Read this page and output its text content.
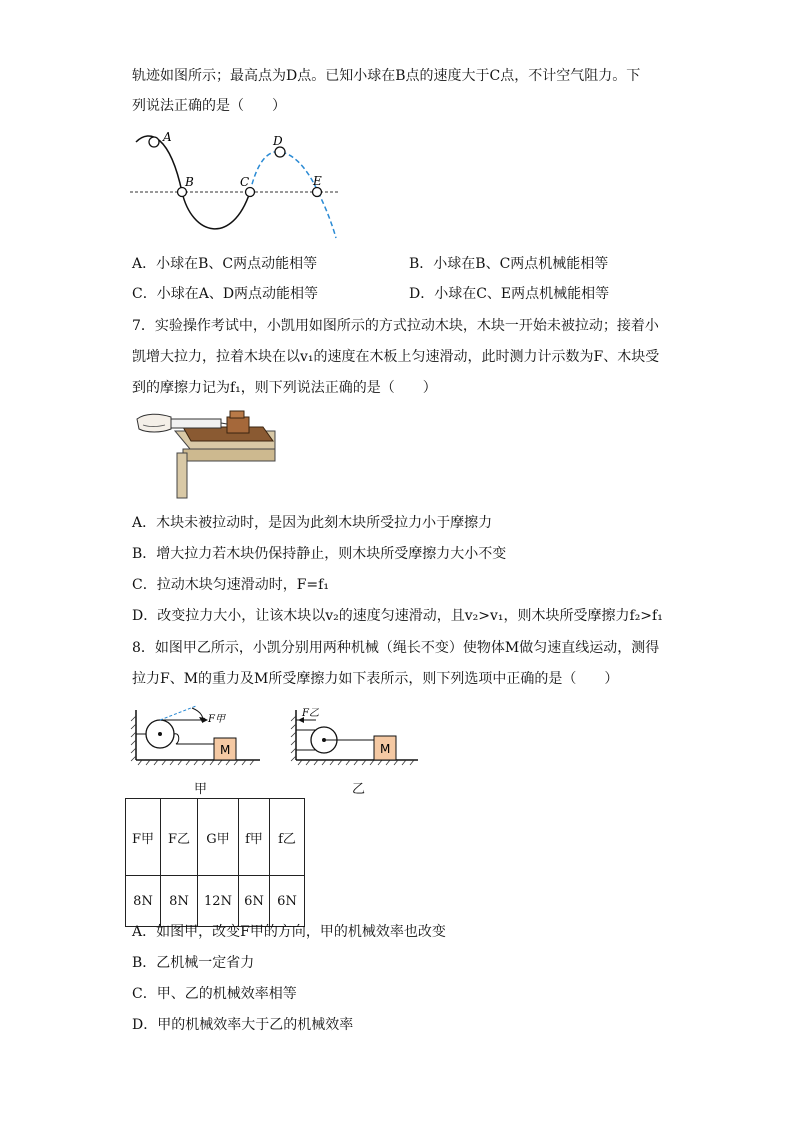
轨迹如图所示；最高点为D点。已知小球在B点的速度大于C点，不计空气阻力。下
列说法正确的是（　　）
A
B	C
D
E
A．小球在B、C两点动能相等	B．小球在B、C两点机械能相等
C．小球在A、D两点动能相等	D．小球在C、E两点机械能相等
7．实验操作考试中，小凯用如图所示的方式拉动木块，木块一开始未被拉动；接着小
凯增大拉力，拉着木块在以v₁的速度在木板上匀速滑动，此时测力计示数为F、木块受
到的摩擦力记为f₁，则下列说法正确的是（　　）
A．木块未被拉动时，是因为此刻木块所受拉力小于摩擦力
B．增大拉力若木块仍保持静止，则木块所受摩擦力大小不变
C．拉动木块匀速滑动时，F=f₁
D．改变拉力大小，让该木块以v₂的速度匀速滑动，且v₂>v₁，则木块所受摩擦力f₂>f₁
8．如图甲乙所示，小凯分别用两种机械（绳长不变）使物体M做匀速直线运动，测得
拉力F、M的重力及M所受摩擦力如下表所示，则下列选项中正确的是（　　）
M
F甲
甲
M
F乙
乙
F甲	F乙	G甲	f甲	f乙
8N	8N	12N	6N	6N
A．如图甲，改变F甲的方向，甲的机械效率也改变
B．乙机械一定省力
C．甲、乙的机械效率相等
D．甲的机械效率大于乙的机械效率
